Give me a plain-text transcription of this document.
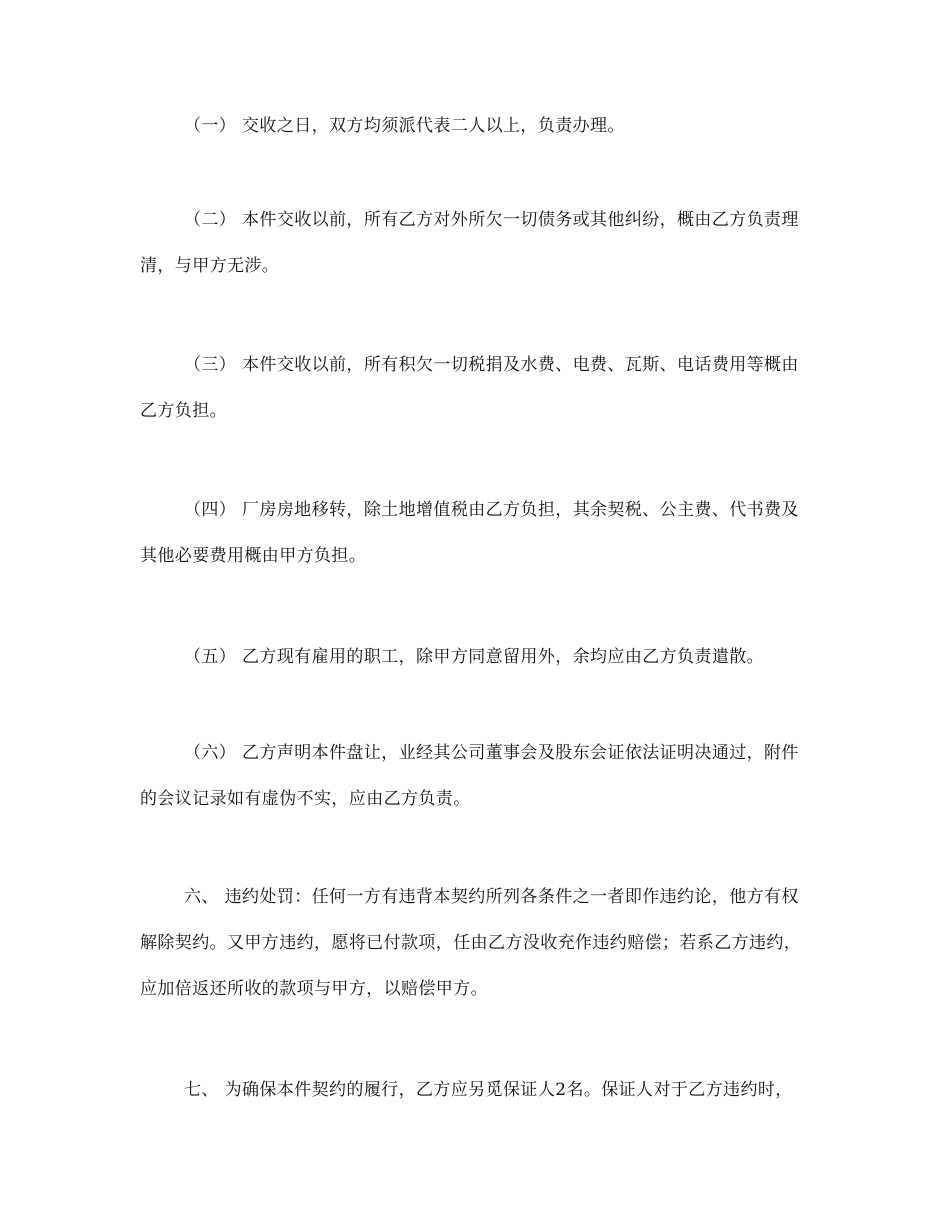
（一） 交收之日，双方均须派代表二人以上，负责办理。

（二） 本件交收以前，所有乙方对外所欠一切债务或其他纠纷，概由乙方负责理清，与甲方无涉。

（三） 本件交收以前，所有积欠一切税捐及水费、电费、瓦斯、电话费用等概由乙方负担。

（四） 厂房房地移转，除土地增值税由乙方负担，其余契税、公主费、代书费及其他必要费用概由甲方负担。

（五） 乙方现有雇用的职工，除甲方同意留用外，余均应由乙方负责遣散。

（六） 乙方声明本件盘让，业经其公司董事会及股东会证依法证明决通过，附件的会议记录如有虚伪不实，应由乙方负责。

六、 违约处罚：任何一方有违背本契约所列各条件之一者即作违约论，他方有权解除契约。又甲方违约，愿将已付款项，任由乙方没收充作违约赔偿；若系乙方违约，应加倍返还所收的款项与甲方，以赔偿甲方。

七、 为确保本件契约的履行，乙方应另觅保证人2名。保证人对于乙方违约时，
